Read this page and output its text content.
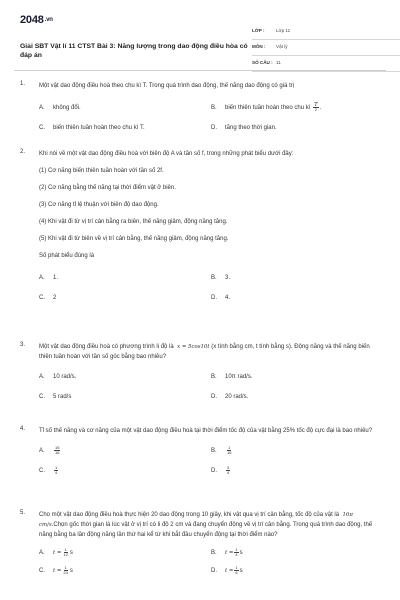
2048.vn
Giải SBT Vật lí 11 CTST Bài 3: Năng lượng trong dao động điều hòa có đáp án
LỚP : Lớp 11
MÔN : Vật lý
SỐ CÂU : 11
1. Một vật dao động điều hoà theo chu kì T. Trong quá trình dao động, thế năng dao động có giá trị
A.	không đổi.	B.	biến thiên tuần hoàn theo chu kì
$\frac{T}{2}$ .
C.	biến thiên tuần hoàn theo chu kì T.	D.	tăng theo thời gian.
2. Khi nói về một vật dao động điều hoà với biên độ A và tần số f, trong những phát biểu dưới đây:
(1) Cơ năng biến thiên tuần hoàn với tần số 2f.
(2) Cơ năng bằng thế năng tại thời điểm vật ở biên.
(3) Cơ năng tỉ lệ thuận với biên độ dao động.
(4) Khi vật đi từ vị trí cân bằng ra biên, thế năng giảm, động năng tăng.
(5) Khi vật đi từ biên về vị trí cân bằng, thế năng giảm, động năng tăng.
Số phát biểu đúng là
A.	1.	B.	3.
C.	2	D.	4.
3. Một vật dao động điều hoà có phương trình li độ là x = 5cos10t (x tính bằng cm, t tính bằng s). Động năng và thế năng biến thiên tuần hoàn với tần số góc bằng bao nhiêu?
A.	10 rad/s.	B.	10π rad/s.
C.	5 rad/s	D.	20 rad/s.
4. Tỉ số thế năng và cơ năng của một vật dao động điều hoà tại thời điểm tốc độ của vật bằng 25% tốc độ cực đại là bao nhiêu?
A.	$\frac{15}{16}$	B.	$\frac{1}{16}$
C.	$\frac{1}{4}$	D.	$\frac{3}{4}$
5. Cho một vật dao động điều hoà thực hiện 20 dao động trong 10 giây, khi vật qua vị trí cân bằng, tốc độ của vật là 16π cm/s.Chọn gốc thời gian là lúc vật ở vị trí có li độ 2 cm và đang chuyển động về vị trí cân bằng. Trong quá trình dao động, thế năng bằng ba lần động năng lần thứ hai kể từ khi bắt đầu chuyển động tại thời điểm nào?
A.	$t = \frac{1}{12}$ s	B.	$t = \frac{1}{4}$ s
C.	$t = \frac{1}{24}$ s	D.	$t = \frac{1}{6}$ s
